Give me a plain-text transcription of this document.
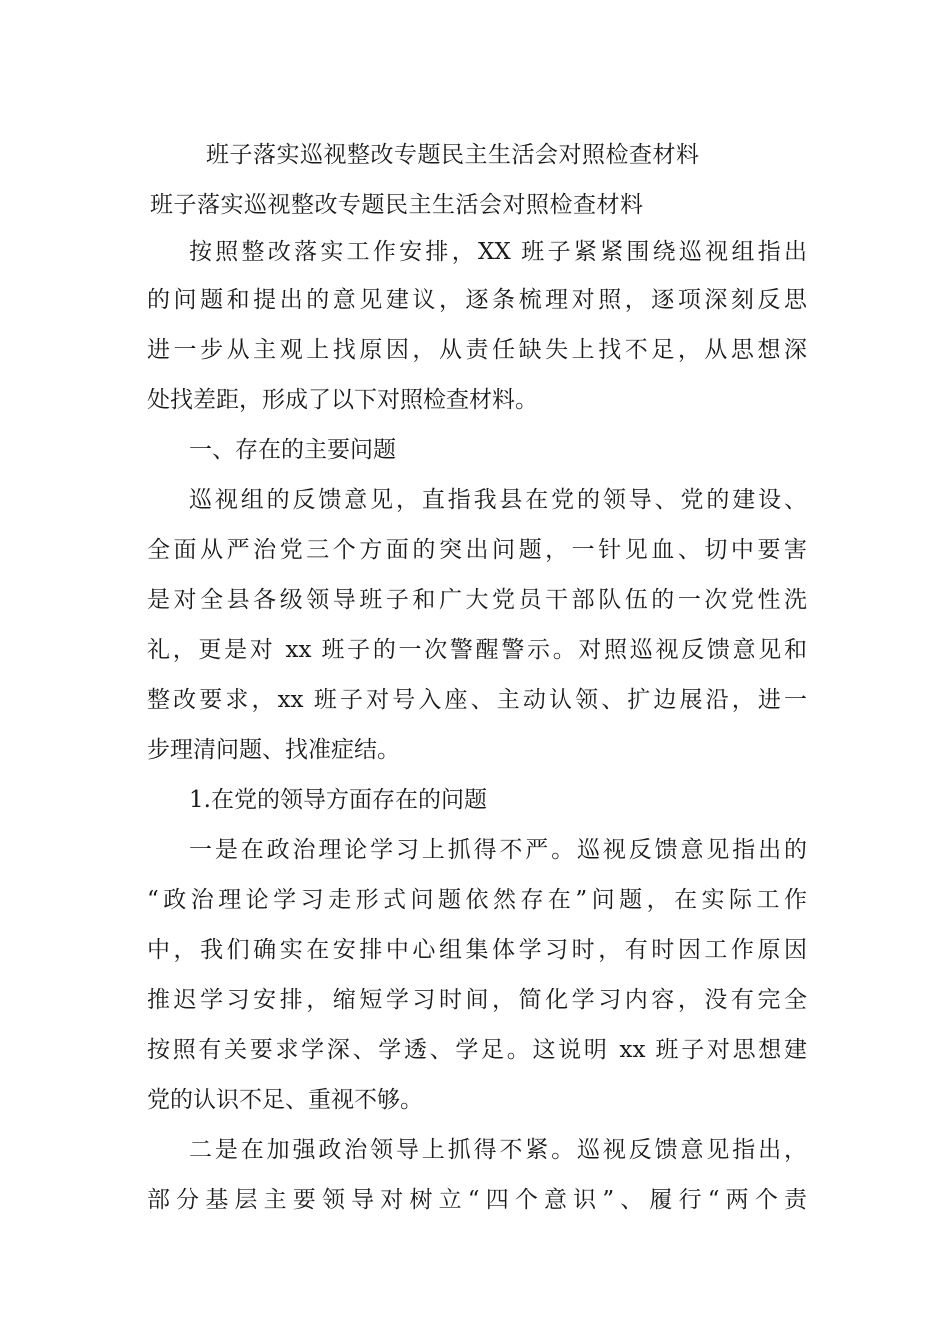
班子落实巡视整改专题民主生活会对照检查材料
班子落实巡视整改专题民主生活会对照检查材料
按照整改落实工作安排，XX 班子紧紧围绕巡视组指出
的问题和提出的意见建议，逐条梳理对照，逐项深刻反思
进一步从主观上找原因，从责任缺失上找不足，从思想深
处找差距，形成了以下对照检查材料。
一、存在的主要问题
巡视组的反馈意见，直指我县在党的领导、党的建设、
全面从严治党三个方面的突出问题，一针见血、切中要害
是对全县各级领导班子和广大党员干部队伍的一次党性洗
礼，更是对 xx 班子的一次警醒警示。对照巡视反馈意见和
整改要求，xx 班子对号入座、主动认领、扩边展沿，进一
步理清问题、找准症结。
1.在党的领导方面存在的问题
一是在政治理论学习上抓得不严。巡视反馈意见指出的
“政治理论学习走形式问题依然存在”问题，在实际工作
中，我们确实在安排中心组集体学习时，有时因工作原因
推迟学习安排，缩短学习时间，简化学习内容，没有完全
按照有关要求学深、学透、学足。这说明 xx 班子对思想建
党的认识不足、重视不够。
二是在加强政治领导上抓得不紧。巡视反馈意见指出，
部分基层主要领导对树立“四个意识”、履行“两个责
